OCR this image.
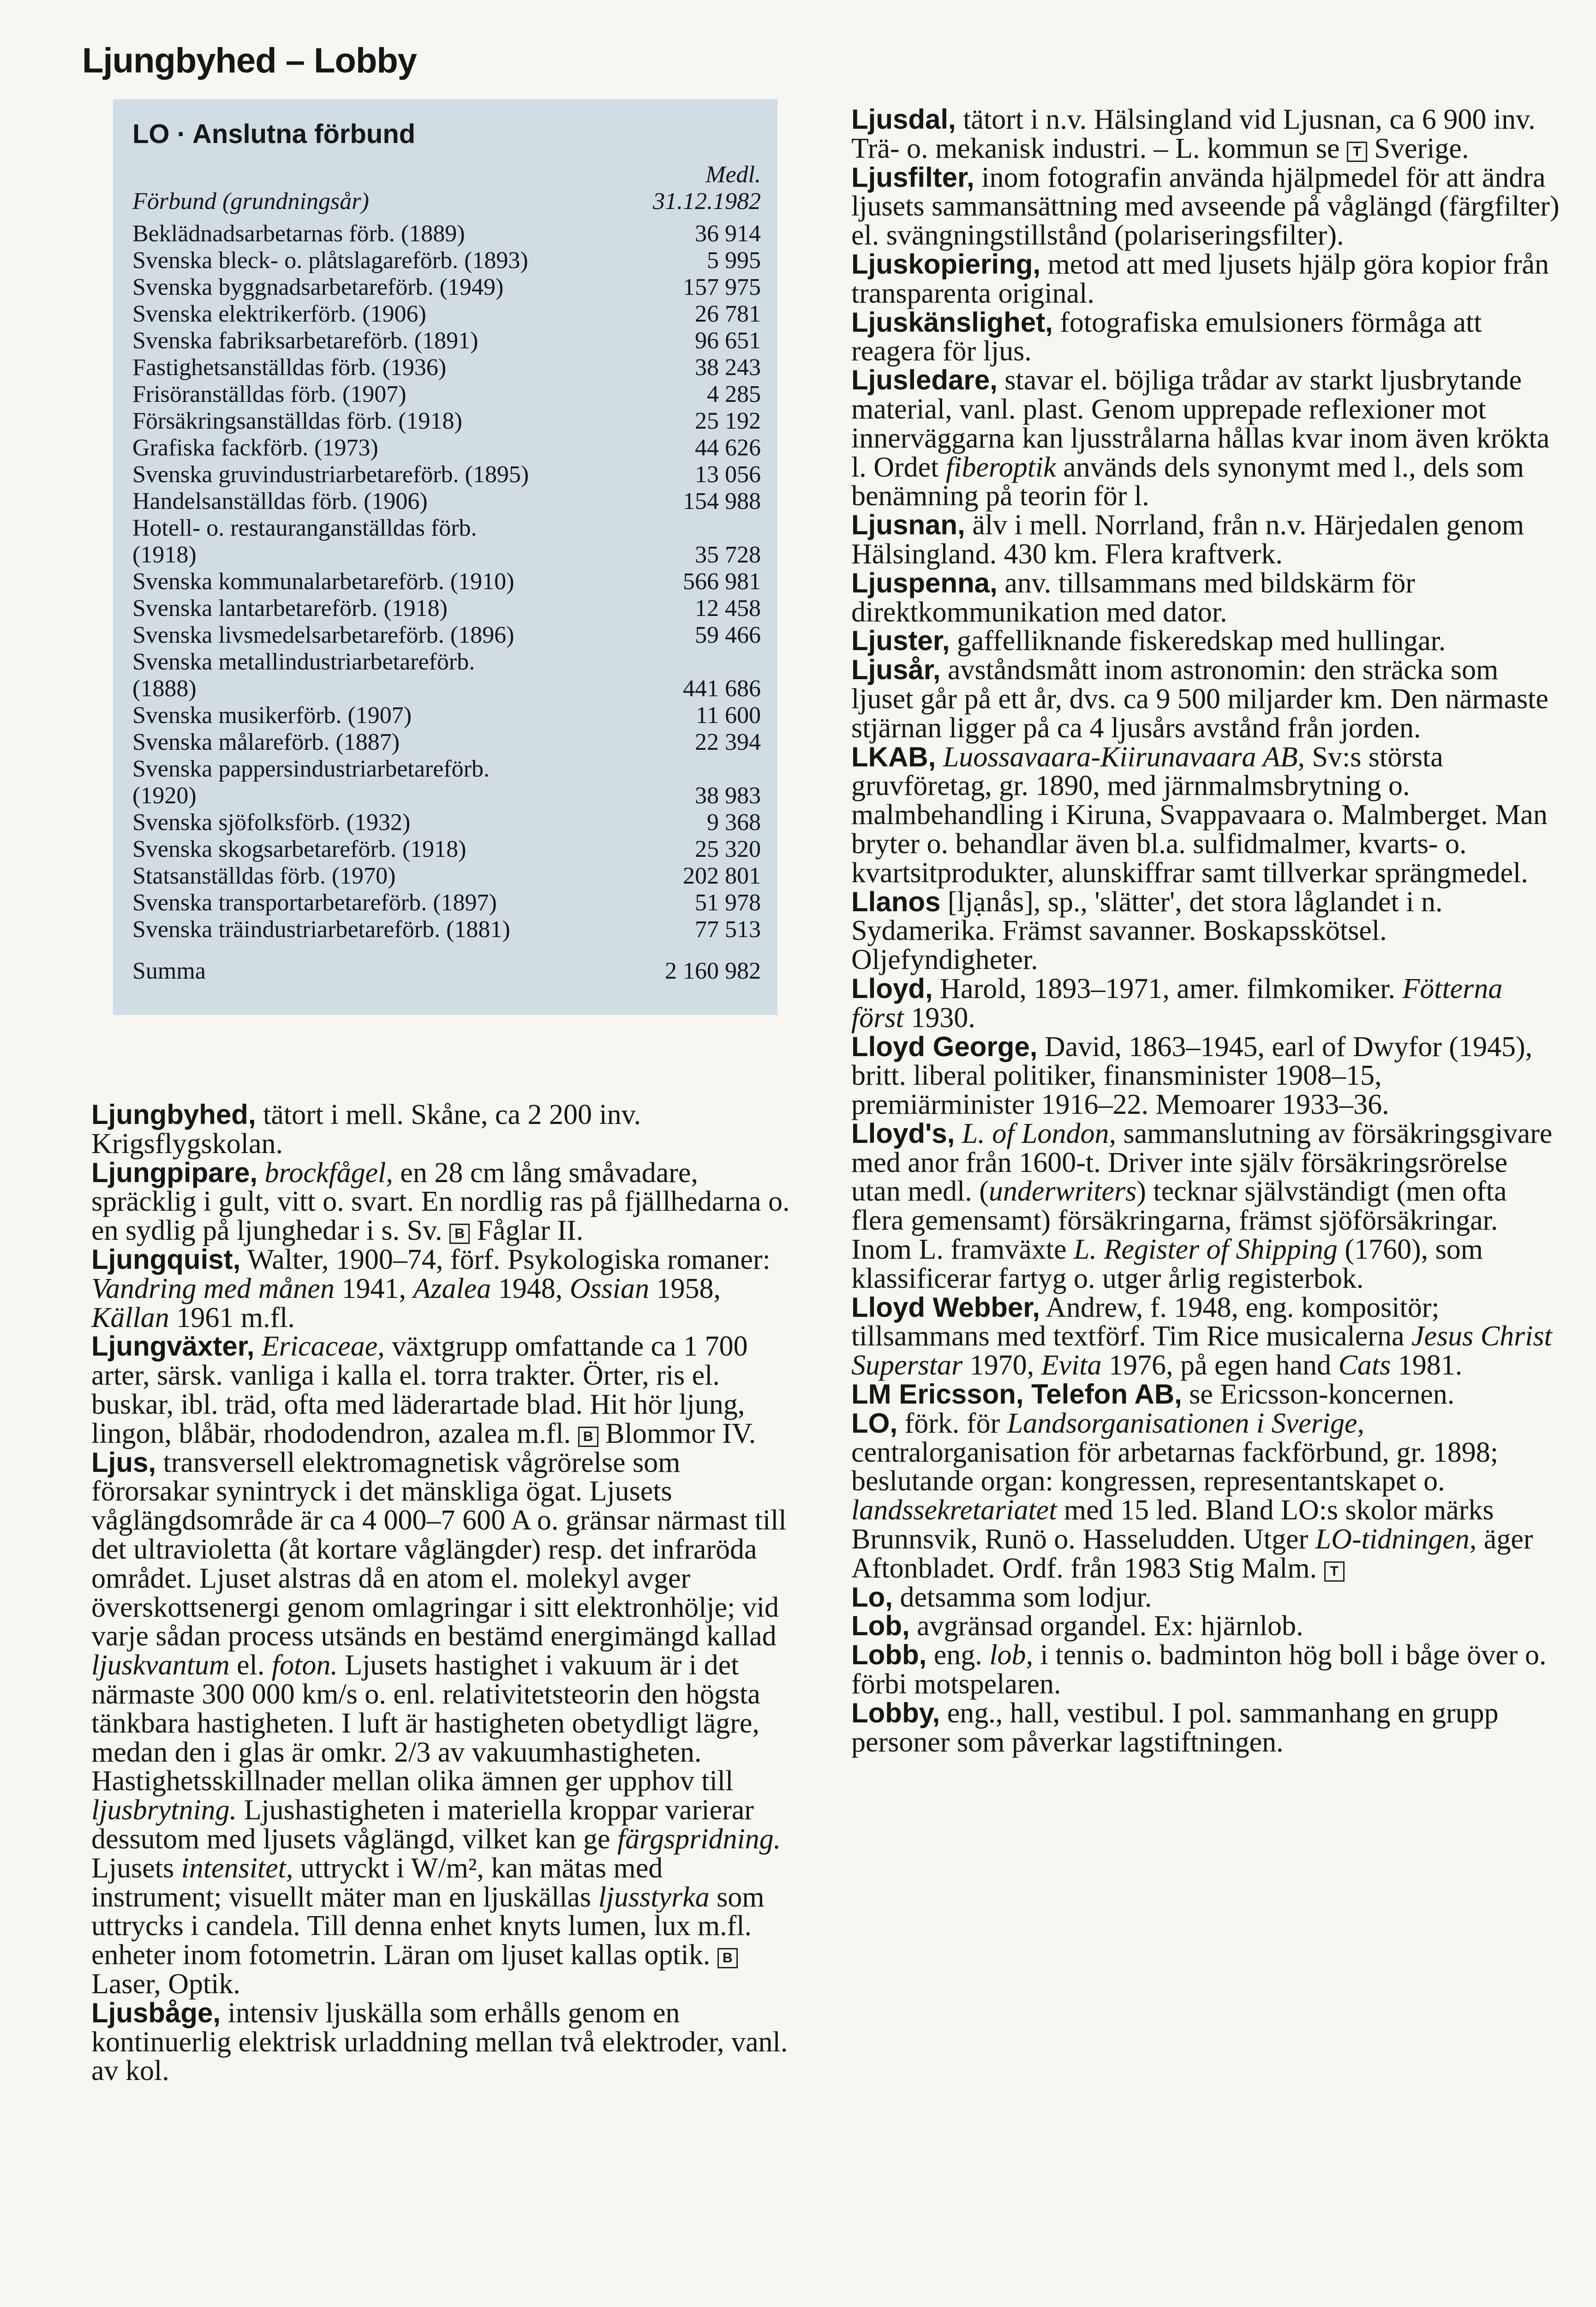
Ljungbyhed – Lobby
LO · Anslutna förbund
Förbund (grundningsår)
Medl.
31.12.1982
Beklädnadsarbetarnas förb. (1889)	36 914
Svenska bleck- o. plåtslagareförb. (1893)	5 995
Svenska byggnadsarbetareförb. (1949)	157 975
Svenska elektrikerförb. (1906)	26 781
Svenska fabriksarbetareförb. (1891)	96 651
Fastighetsanställdas förb. (1936)	38 243
Frisöranställdas förb. (1907)	4 285
Försäkringsanställdas förb. (1918)	25 192
Grafiska fackförb. (1973)	44 626
Svenska gruvindustriarbetareförb. (1895)	13 056
Handelsanställdas förb. (1906)	154 988
Hotell- o. restauranganställdas förb.
(1918)	35 728
Svenska kommunalarbetareförb. (1910)	566 981
Svenska lantarbetareförb. (1918)	12 458
Svenska livsmedelsarbetareförb. (1896)	59 466
Svenska metallindustriarbetareförb.
(1888)	441 686
Svenska musikerförb. (1907)	11 600
Svenska målareförb. (1887)	22 394
Svenska pappersindustriarbetareförb.
(1920)	38 983
Svenska sjöfolksförb. (1932)	9 368
Svenska skogsarbetareförb. (1918)	25 320
Statsanställdas förb. (1970)	202 801
Svenska transportarbetareförb. (1897)	51 978
Svenska träindustriarbetareförb. (1881)	77 513
Summa	2 160 982

Ljungbyhed, tätort i mell. Skåne, ca 2 200 inv. Krigsflygskolan.

Ljungpipare, brockfågel, en 28 cm lång småvadare, spräcklig i gult, vitt o. svart. En nordlig ras på fjällhedarna o. en sydlig på ljunghedar i s. Sv. B Fåglar II.

Ljungquist, Walter, 1900–74, förf. Psykologiska romaner: Vandring med månen 1941, Azalea 1948, Ossian 1958, Källan 1961 m.fl.

Ljungväxter, Ericaceae, växtgrupp omfattande ca 1 700 arter, särsk. vanliga i kalla el. torra trakter. Örter, ris el. buskar, ibl. träd, ofta med läderartade blad. Hit hör ljung, lingon, blåbär, rhododendron, azalea m.fl. B Blommor IV.

Ljus, transversell elektromagnetisk vågrörelse som förorsakar synintryck i det mänskliga ögat. Ljusets våglängdsområde är ca 4 000–7 600 A o. gränsar närmast till det ultravioletta (åt kortare våglängder) resp. det infraröda området. Ljuset alstras då en atom el. molekyl avger överskottsenergi genom omlagringar i sitt elektronhölje; vid varje sådan process utsänds en bestämd energimängd kallad ljuskvantum el. foton. Ljusets hastighet i vakuum är i det närmaste 300 000 km/s o. enl. relativitetsteorin den högsta tänkbara hastigheten. I luft är hastigheten obetydligt lägre, medan den i glas är omkr. 2/3 av vakuumhastigheten. Hastighetsskillnader mellan olika ämnen ger upphov till ljusbrytning. Ljushastigheten i materiella kroppar varierar dessutom med ljusets våglängd, vilket kan ge färgspridning. Ljusets intensitet, uttryckt i W/m², kan mätas med instrument; visuellt mäter man en ljuskällas ljusstyrka som uttrycks i candela. Till denna enhet knyts lumen, lux m.fl. enheter inom fotometrin. Läran om ljuset kallas optik. B Laser, Optik.

Ljusbåge, intensiv ljuskälla som erhålls genom en kontinuerlig elektrisk urladdning mellan två elektroder, vanl. av kol.

Ljusdal, tätort i n.v. Hälsingland vid Ljusnan, ca 6 900 inv. Trä- o. mekanisk industri. – L. kommun se T Sverige.

Ljusfilter, inom fotografin använda hjälpmedel för att ändra ljusets sammansättning med avseende på våglängd (färgfilter) el. svängningstillstånd (polariseringsfilter).

Ljuskopiering, metod att med ljusets hjälp göra kopior från transparenta original.

Ljuskänslighet, fotografiska emulsioners förmåga att reagera för ljus.

Ljusledare, stavar el. böjliga trådar av starkt ljusbrytande material, vanl. plast. Genom upprepade reflexioner mot innerväggarna kan ljusstrålarna hållas kvar inom även krökta l. Ordet fiberoptik används dels synonymt med l., dels som benämning på teorin för l.

Ljusnan, älv i mell. Norrland, från n.v. Härjedalen genom Hälsingland. 430 km. Flera kraftverk.

Ljuspenna, anv. tillsammans med bildskärm för direktkommunikation med dator.

Ljuster, gaffelliknande fiskeredskap med hullingar.

Ljusår, avståndsmått inom astronomin: den sträcka som ljuset går på ett år, dvs. ca 9 500 miljarder km. Den närmaste stjärnan ligger på ca 4 ljusårs avstånd från jorden.

LKAB, Luossavaara-Kiirunavaara AB, Sv:s största gruvföretag, gr. 1890, med järnmalmsbrytning o. malmbehandling i Kiruna, Svappavaara o. Malmberget. Man bryter o. behandlar även bl.a. sulfidmalmer, kvarts- o. kvartsitprodukter, alunskiffrar samt tillverkar sprängmedel.

Llanos [ljạnås], sp., 'slätter', det stora låglandet i n. Sydamerika. Främst savanner. Boskapsskötsel. Oljefyndigheter.

Lloyd, Harold, 1893–1971, amer. filmkomiker. Fötterna först 1930.

Lloyd George, David, 1863–1945, earl of Dwyfor (1945), britt. liberal politiker, finansminister 1908–15, premiärminister 1916–22. Memoarer 1933–36.

Lloyd's, L. of London, sammanslutning av försäkringsgivare med anor från 1600-t. Driver inte själv försäkringsrörelse utan medl. (underwriters) tecknar självständigt (men ofta flera gemensamt) försäkringarna, främst sjöförsäkringar. Inom L. framväxte L. Register of Shipping (1760), som klassificerar fartyg o. utger årlig registerbok.

Lloyd Webber, Andrew, f. 1948, eng. kompositör; tillsammans med textförf. Tim Rice musicalerna Jesus Christ Superstar 1970, Evita 1976, på egen hand Cats 1981.

LM Ericsson, Telefon AB, se Ericsson-koncernen.

LO, förk. för Landsorganisationen i Sverige, centralorganisation för arbetarnas fackförbund, gr. 1898; beslutande organ: kongressen, representantskapet o. landssekretariatet med 15 led. Bland LO:s skolor märks Brunnsvik, Runö o. Hasseludden. Utger LO-tidningen, äger Aftonbladet. Ordf. från 1983 Stig Malm. T

Lo, detsamma som lodjur.

Lob, avgränsad organdel. Ex: hjärnlob.

Lobb, eng. lob, i tennis o. badminton hög boll i båge över o. förbi motspelaren.

Lobby, eng., hall, vestibul. I pol. sammanhang en grupp personer som påverkar lagstiftningen.
